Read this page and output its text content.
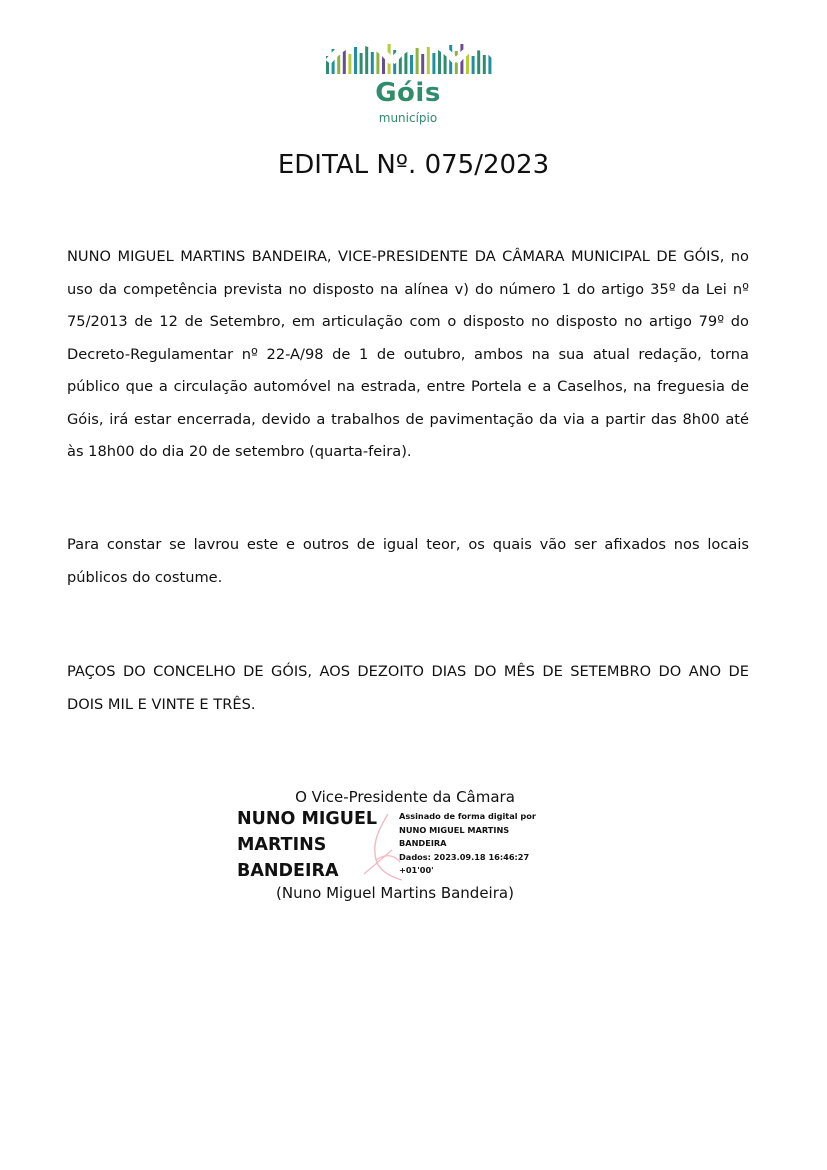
Góis
município
EDITAL Nº. 075/2023

NUNO MIGUEL MARTINS BANDEIRA, VICE-PRESIDENTE DA CÂMARA MUNICIPAL DE GÓIS, no uso da competência prevista no disposto na alínea v) do número 1 do artigo 35º da Lei nº 75/2013 de 12 de Setembro, em articulação com o disposto no disposto no artigo 79º do Decreto-Regulamentar nº 22-A/98 de 1 de outubro, ambos na sua atual redação, torna público que a circulação automóvel na estrada, entre Portela e a Caselhos, na freguesia de Góis, irá estar encerrada, devido a trabalhos de pavimentação da via a partir das 8h00 até às 18h00 do dia 20 de setembro (quarta-feira).

Para constar se lavrou este e outros de igual teor, os quais vão ser afixados nos locais públicos do costume.

PAÇOS DO CONCELHO DE GÓIS, AOS DEZOITO DIAS DO MÊS DE SETEMBRO DO ANO DE DOIS MIL E VINTE E TRÊS.

O Vice-Presidente da Câmara
NUNO MIGUEL
MARTINS
BANDEIRA
Assinado de forma digital por
NUNO MIGUEL MARTINS
BANDEIRA
Dados: 2023.09.18 16:46:27
+01'00'
(Nuno Miguel Martins Bandeira)
